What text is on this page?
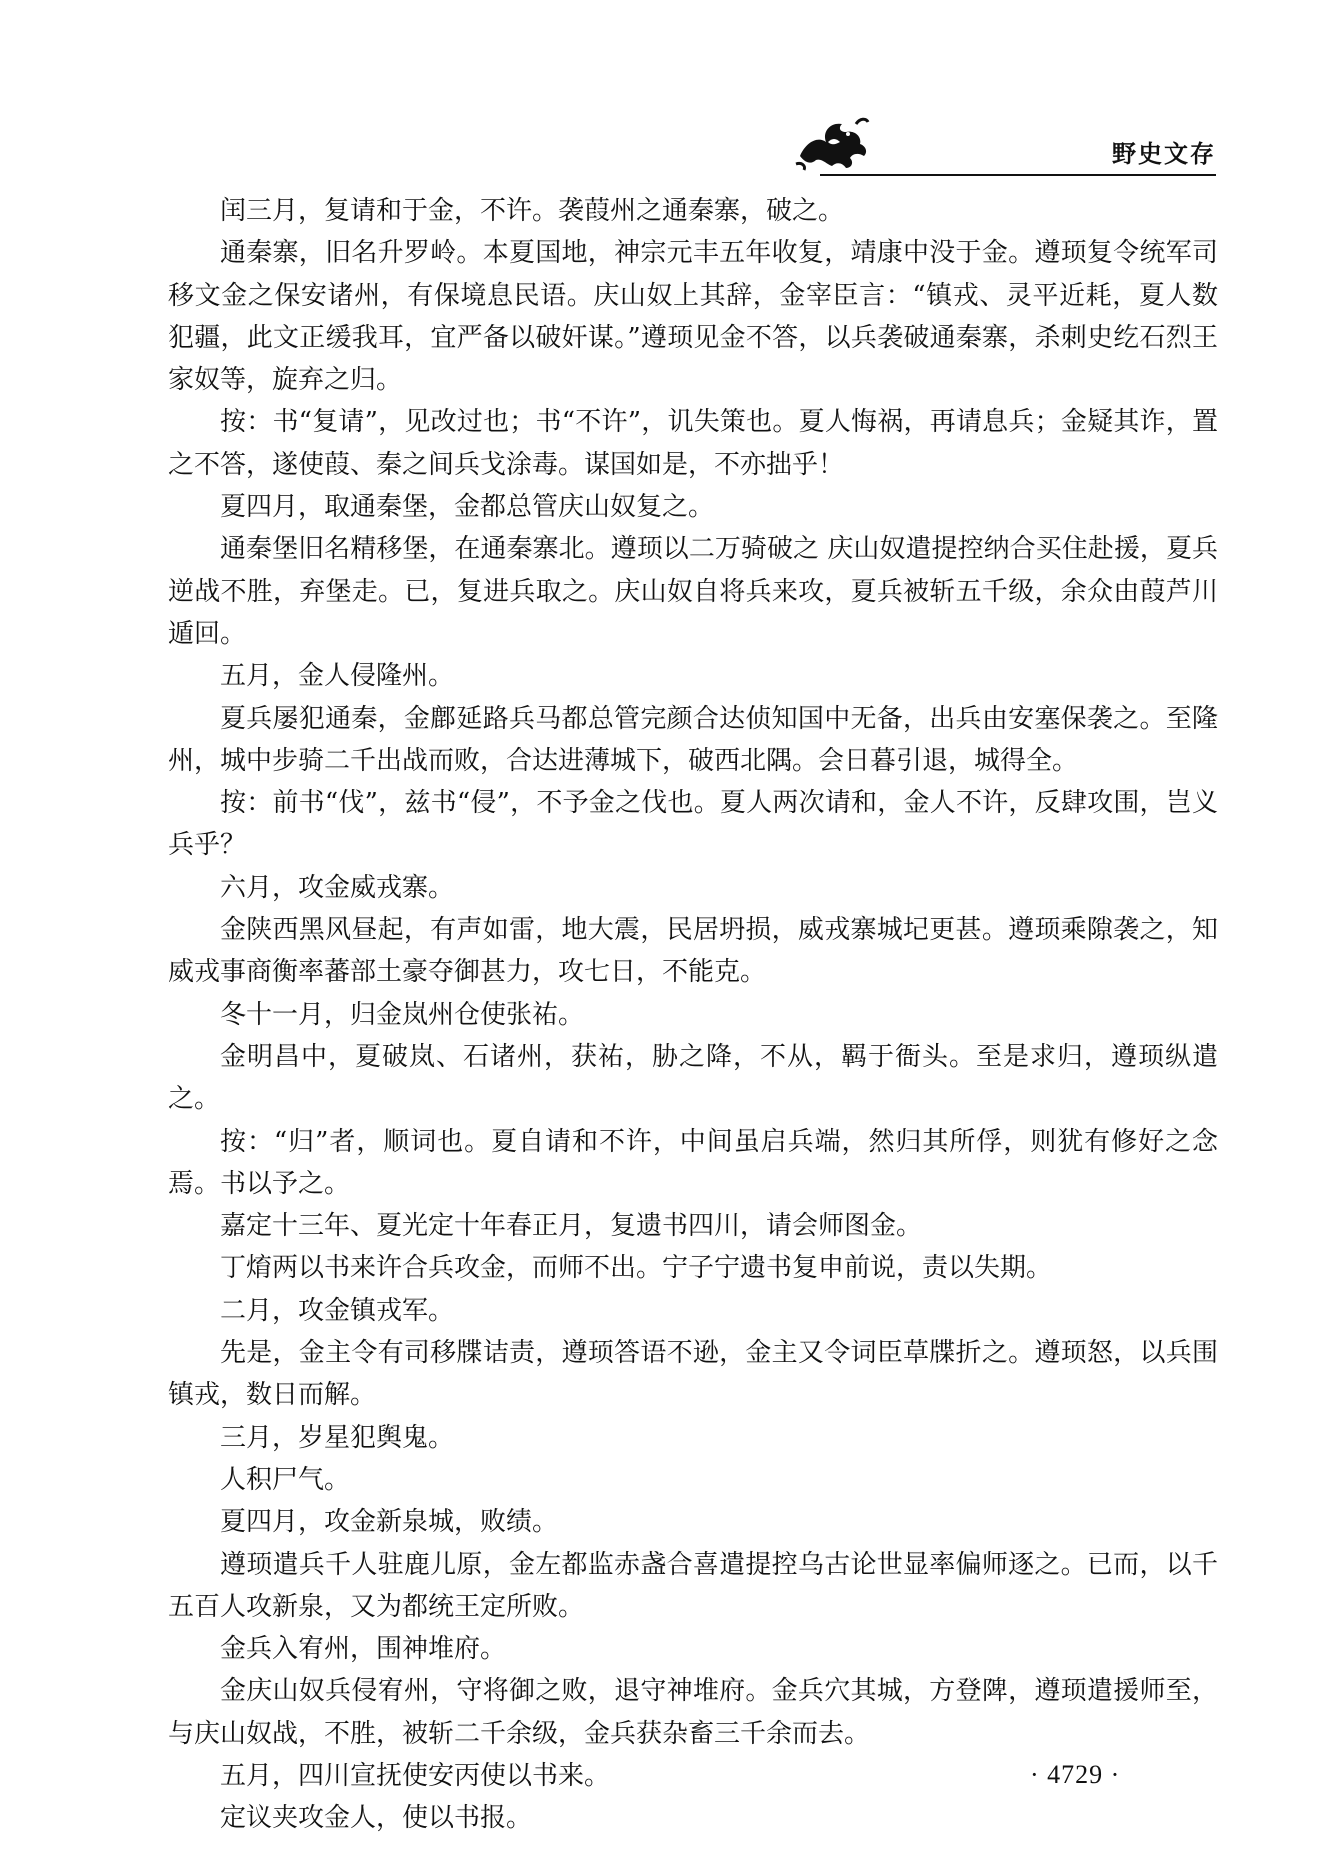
野史文存

闰三月，复请和于金，不许。袭葭州之通秦寨，破之。

通秦寨，旧名升罗岭。本夏国地，神宗元丰五年收复，靖康中没于金。遵顼复令统军司移文金之保安诸州，有保境息民语。庆山奴上其辞，金宰臣言：“镇戎、灵平近耗，夏人数犯疆，此文正缓我耳，宜严备以破奸谋。”遵顼见金不答，以兵袭破通秦寨，杀刺史纥石烈王家奴等，旋弃之归。

按：书“复请”，见改过也；书“不许”，讥失策也。夏人悔祸，再请息兵；金疑其诈，置之不答，遂使葭、秦之间兵戈涂毒。谋国如是，不亦拙乎！

夏四月，取通秦堡，金都总管庆山奴复之。

通秦堡旧名精移堡，在通秦寨北。遵顼以二万骑破之 庆山奴遣提控纳合买住赴援，夏兵逆战不胜，弃堡走。已，复进兵取之。庆山奴自将兵来攻，夏兵被斩五千级，余众由葭芦川遁回。

五月，金人侵隆州。

夏兵屡犯通秦，金鄜延路兵马都总管完颜合达侦知国中无备，出兵由安塞保袭之。至隆州，城中步骑二千出战而败，合达进薄城下，破西北隅。会日暮引退，城得全。

按：前书“伐”，兹书“侵”，不予金之伐也。夏人两次请和，金人不许，反肆攻围，岂义兵乎？

六月，攻金威戎寨。

金陕西黑风昼起，有声如雷，地大震，民居坍损，威戎寨城圮更甚。遵顼乘隙袭之，知威戎事商衡率蕃部土豪夺御甚力，攻七日，不能克。

冬十一月，归金岚州仓使张祐。

金明昌中，夏破岚、石诸州，获祐，胁之降，不从，羁于衙头。至是求归，遵顼纵遣之。

按：“归”者，顺词也。夏自请和不许，中间虽启兵端，然归其所俘，则犹有修好之念焉。书以予之。

嘉定十三年、夏光定十年春正月，复遗书四川，请会师图金。

丁焴两以书来许合兵攻金，而师不出。宁子宁遗书复申前说，责以失期。

二月，攻金镇戎军。

先是，金主令有司移牒诘责，遵顼答语不逊，金主又令词臣草牒折之。遵顼怒，以兵围镇戎，数日而解。

三月，岁星犯舆鬼。

人积尸气。

夏四月，攻金新泉城，败绩。

遵顼遣兵千人驻鹿儿原，金左都监赤盏合喜遣提控乌古论世显率偏师逐之。已而，以千五百人攻新泉，又为都统王定所败。

金兵入宥州，围神堆府。

金庆山奴兵侵宥州，守将御之败，退守神堆府。金兵穴其城，方登陴，遵顼遣援师至，与庆山奴战，不胜，被斩二千余级，金兵获杂畜三千余而去。

五月，四川宣抚使安丙使以书来。

定议夹攻金人，使以书报。

· 4729 ·
